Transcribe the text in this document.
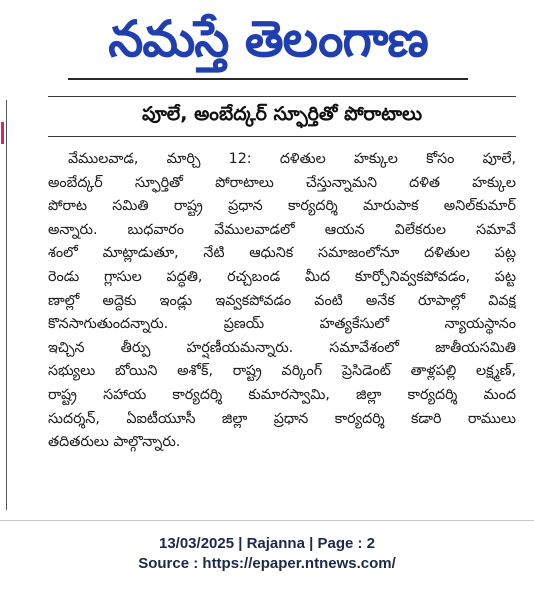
నమస్తే తెలంగాణ
పూలే, అంబేద్కర్ స్ఫూర్తితో పోరాటాలు
వేములవాడ, మార్చి 12: దళితుల హక్కుల కోసం పూలే,
అంబేద్కర్ స్ఫూర్తితో పోరాటాలు చేస్తున్నామని దళిత హక్కుల
పోరాట సమితి రాష్ట్ర ప్రధాన కార్యదర్శి మారుపాక అనిల్‌కుమార్
అన్నారు. బుధవారం వేములవాడలో ఆయన విలేకరుల సమావే
శంలో మాట్లాడుతూ, నేటి ఆధునిక సమాజంలోనూ దళితుల పట్ల
రెండు గ్లాసుల పద్ధతి, రచ్చబండ మీద కూర్చోనివ్వకపోవడం, పట్ట
ణాల్లో అద్దెకు ఇండ్లు ఇవ్వకపోవడం వంటి అనేక రూపాల్లో వివక్ష
కొనసాగుతుందన్నారు. ప్రణయ్ హత్యకేసులో న్యాయస్థానం
ఇచ్చిన తీర్పు హర్షణీయమన్నారు. సమావేశంలో జాతీయసమితి
సభ్యులు బోయిని అశోక్, రాష్ట్ర వర్కింగ్ ప్రెసిడెంట్ తాళ్లపల్లి లక్ష్మణ్,
రాష్ట్ర సహాయ కార్యదర్శి కుమారస్వామి, జిల్లా కార్యదర్శి మంద
సుదర్శన్, ఏఐటీయూసీ జిల్లా ప్రధాన కార్యదర్శి కడారి రాములు
తదితరులు పాల్గొన్నారు.
13/03/2025 | Rajanna | Page : 2
Source : https://epaper.ntnews.com/
